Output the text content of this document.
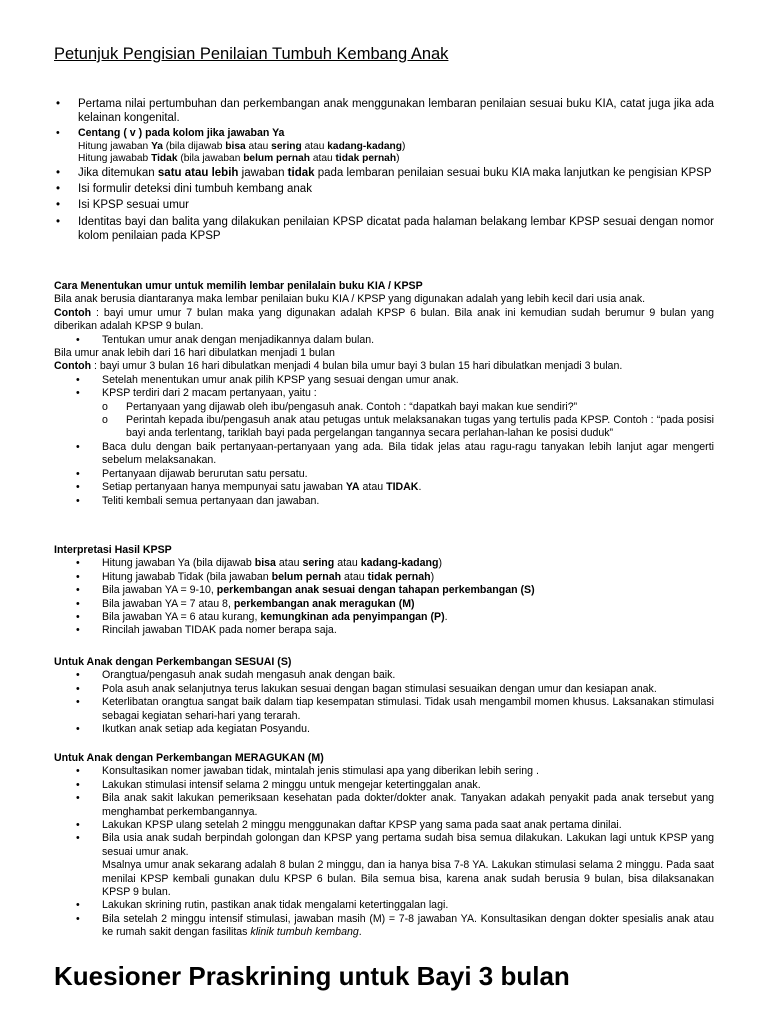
Petunjuk Pengisian Penilaian Tumbuh Kembang Anak
• Pertama nilai pertumbuhan dan perkembangan anak menggunakan lembaran penilaian sesuai buku KIA, catat juga jika ada kelainan kongenital.
• Centang ( v ) pada kolom jika jawaban Ya
Hitung jawaban Ya (bila dijawab bisa atau sering atau kadang-kadang)
Hitung jawabab Tidak (bila jawaban belum pernah atau tidak pernah)
• Jika ditemukan satu atau lebih jawaban tidak pada lembaran penilaian sesuai buku KIA maka lanjutkan ke pengisian KPSP
• Isi formulir deteksi dini tumbuh kembang anak
• Isi KPSP sesuai umur
• Identitas bayi dan balita yang dilakukan penilaian KPSP dicatat pada halaman belakang lembar KPSP sesuai dengan nomor kolom penilaian pada KPSP
Cara Menentukan umur untuk memilih lembar penilalain buku KIA / KPSP
Bila anak berusia diantaranya maka lembar penilaian buku KIA / KPSP yang digunakan adalah yang lebih kecil dari usia anak.
Contoh : bayi umur umur 7 bulan maka yang digunakan adalah KPSP 6 bulan. Bila anak ini kemudian sudah berumur 9 bulan yang diberikan adalah KPSP 9 bulan.
• Tentukan umur anak dengan menjadikannya dalam bulan.
Bila umur anak lebih dari 16 hari dibulatkan menjadi 1 bulan
Contoh : bayi umur 3 bulan 16 hari dibulatkan menjadi 4 bulan bila umur bayi 3 bulan 15 hari dibulatkan menjadi 3 bulan.
• Setelah menentukan umur anak pilih KPSP yang sesuai dengan umur anak.
• KPSP terdiri dari 2 macam pertanyaan, yaitu :
o Pertanyaan yang dijawab oleh ibu/pengasuh anak. Contoh : “dapatkah bayi makan kue sendiri?”
o Perintah kepada ibu/pengasuh anak atau petugas untuk melaksanakan tugas yang tertulis pada KPSP. Contoh : “pada posisi bayi anda terlentang, tariklah bayi pada pergelangan tangannya secara perlahan-lahan ke posisi duduk”
• Baca dulu dengan baik pertanyaan-pertanyaan yang ada. Bila tidak jelas atau ragu-ragu tanyakan lebih lanjut agar mengerti sebelum melaksanakan.
• Pertanyaan dijawab berurutan satu persatu.
• Setiap pertanyaan hanya mempunyai satu jawaban YA atau TIDAK.
• Teliti kembali semua pertanyaan dan jawaban.
Interpretasi Hasil KPSP
• Hitung jawaban Ya (bila dijawab bisa atau sering atau kadang-kadang)
• Hitung jawabab Tidak (bila jawaban belum pernah atau tidak pernah)
• Bila jawaban YA = 9-10, perkembangan anak sesuai dengan tahapan perkembangan (S)
• Bila jawaban YA = 7 atau 8, perkembangan anak meragukan (M)
• Bila jawaban YA = 6 atau kurang, kemungkinan ada penyimpangan (P).
• Rincilah jawaban TIDAK pada nomer berapa saja.
Untuk Anak dengan Perkembangan SESUAI (S)
• Orangtua/pengasuh anak sudah mengasuh anak dengan baik.
• Pola asuh anak selanjutnya terus lakukan sesuai dengan bagan stimulasi sesuaikan dengan umur dan kesiapan anak.
• Keterlibatan orangtua sangat baik dalam tiap kesempatan stimulasi. Tidak usah mengambil momen khusus. Laksanakan stimulasi sebagai kegiatan sehari-hari yang terarah.
• Ikutkan anak setiap ada kegiatan Posyandu.
Untuk Anak dengan Perkembangan MERAGUKAN (M)
• Konsultasikan nomer jawaban tidak, mintalah jenis stimulasi apa yang diberikan lebih sering .
• Lakukan stimulasi intensif selama 2 minggu untuk mengejar ketertinggalan anak.
• Bila anak sakit lakukan pemeriksaan kesehatan pada dokter/dokter anak. Tanyakan adakah penyakit pada anak tersebut yang menghambat perkembangannya.
• Lakukan KPSP ulang setelah 2 minggu menggunakan daftar KPSP yang sama pada saat anak pertama dinilai.
• Bila usia anak sudah berpindah golongan dan KPSP yang pertama sudah bisa semua dilakukan. Lakukan lagi untuk KPSP yang sesuai umur anak.
Msalnya umur anak sekarang adalah 8 bulan 2 minggu, dan ia hanya bisa 7-8 YA. Lakukan stimulasi selama 2 minggu. Pada saat menilai KPSP kembali gunakan dulu KPSP 6 bulan. Bila semua bisa, karena anak sudah berusia 9 bulan, bisa dilaksanakan KPSP 9 bulan.
• Lakukan skrining rutin, pastikan anak tidak mengalami ketertinggalan lagi.
• Bila setelah 2 minggu intensif stimulasi, jawaban masih (M) = 7-8 jawaban YA. Konsultasikan dengan dokter spesialis anak atau ke rumah sakit dengan fasilitas klinik tumbuh kembang.
Kuesioner Praskrining untuk Bayi 3 bulan
